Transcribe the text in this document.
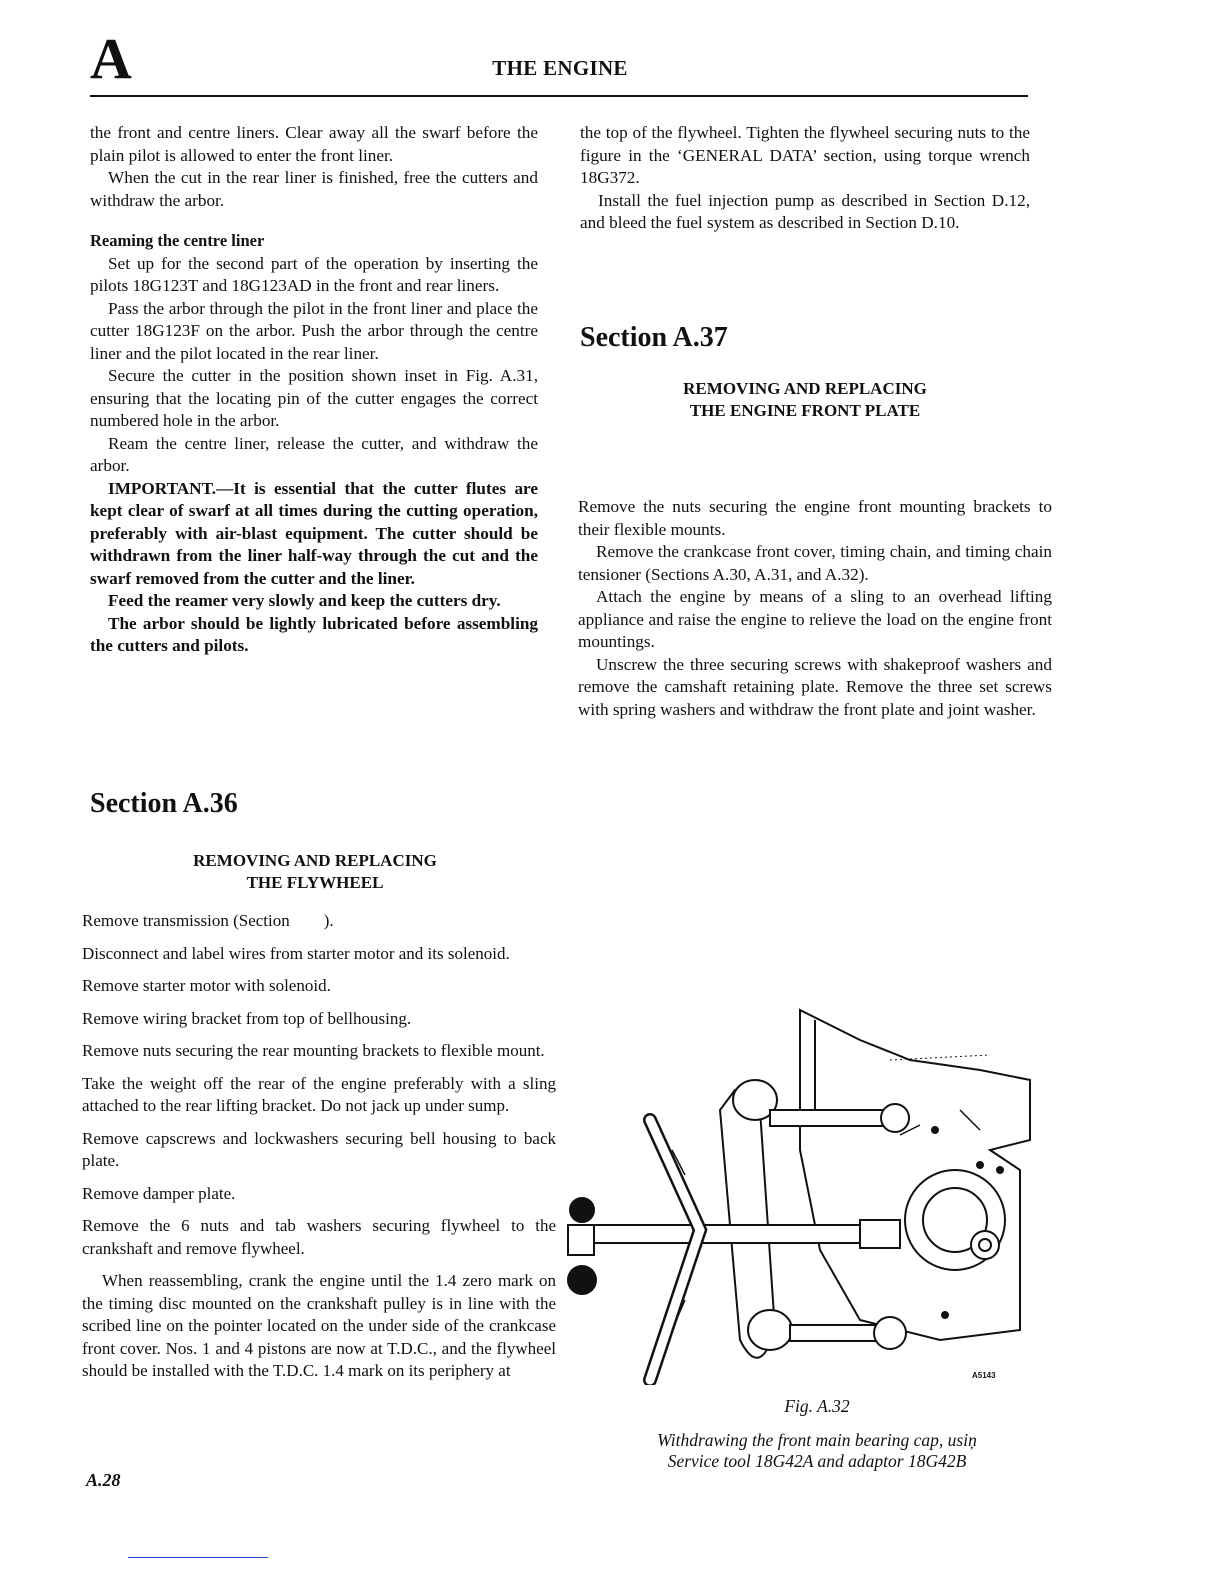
A	THE ENGINE

the front and centre liners. Clear away all the swarf before the plain pilot is allowed to enter the front liner.

When the cut in the rear liner is finished, free the cutters and withdraw the arbor.

Reaming the centre liner

Set up for the second part of the operation by inserting the pilots 18G123T and 18G123AD in the front and rear liners.

Pass the arbor through the pilot in the front liner and place the cutter 18G123F on the arbor. Push the arbor through the centre liner and the pilot located in the rear liner.

Secure the cutter in the position shown inset in Fig. A.31, ensuring that the locating pin of the cutter engages the correct numbered hole in the arbor.

Ream the centre liner, release the cutter, and withdraw the arbor.

IMPORTANT.—It is essential that the cutter flutes are kept clear of swarf at all times during the cutting operation, preferably with air-blast equipment. The cutter should be withdrawn from the liner half-way through the cut and the swarf removed from the cutter and the liner.

Feed the reamer very slowly and keep the cutters dry.

The arbor should be lightly lubricated before assembling the cutters and pilots.

the top of the flywheel. Tighten the flywheel securing nuts to the figure in the ‘GENERAL DATA’ section, using torque wrench 18G372.

Install the fuel injection pump as described in Section D.12, and bleed the fuel system as described in Section D.10.

Section A.37
REMOVING AND REPLACING
THE ENGINE FRONT PLATE

Remove the nuts securing the engine front mounting brackets to their flexible mounts.

Remove the crankcase front cover, timing chain, and timing chain tensioner (Sections A.30, A.31, and A.32).

Attach the engine by means of a sling to an overhead lifting appliance and raise the engine to relieve the load on the engine front mountings.

Unscrew the three securing screws with shakeproof washers and remove the camshaft retaining plate. Remove the three set screws with spring washers and withdraw the front plate and joint washer.

Section A.36
REMOVING AND REPLACING
THE FLYWHEEL

Remove transmission (Section        ).

Disconnect and label wires from starter motor and its solenoid.

Remove starter motor with solenoid.

Remove wiring bracket from top of bellhousing.

Remove nuts securing the rear mounting brackets to flexible mount.

Take the weight off the rear of the engine preferably with a sling attached to the rear lifting bracket. Do not jack up under sump.

Remove capscrews and lockwashers securing bell housing to back plate.

Remove damper plate.

Remove the 6 nuts and tab washers securing flywheel to the crankshaft and remove flywheel.

When reassembling, crank the engine until the 1.4 zero mark on the timing disc mounted on the crankshaft pulley is in line with the scribed line on the pointer located on the under side of the crankcase front cover. Nos. 1 and 4 pistons are now at T.D.C., and the flywheel should be installed with the T.D.C. 1.4 mark on its periphery at	A5143
Fig. A.32
Withdrawing the front main bearing cap, usiņ
Service tool 18G42A and adaptor 18G42B
A.28
